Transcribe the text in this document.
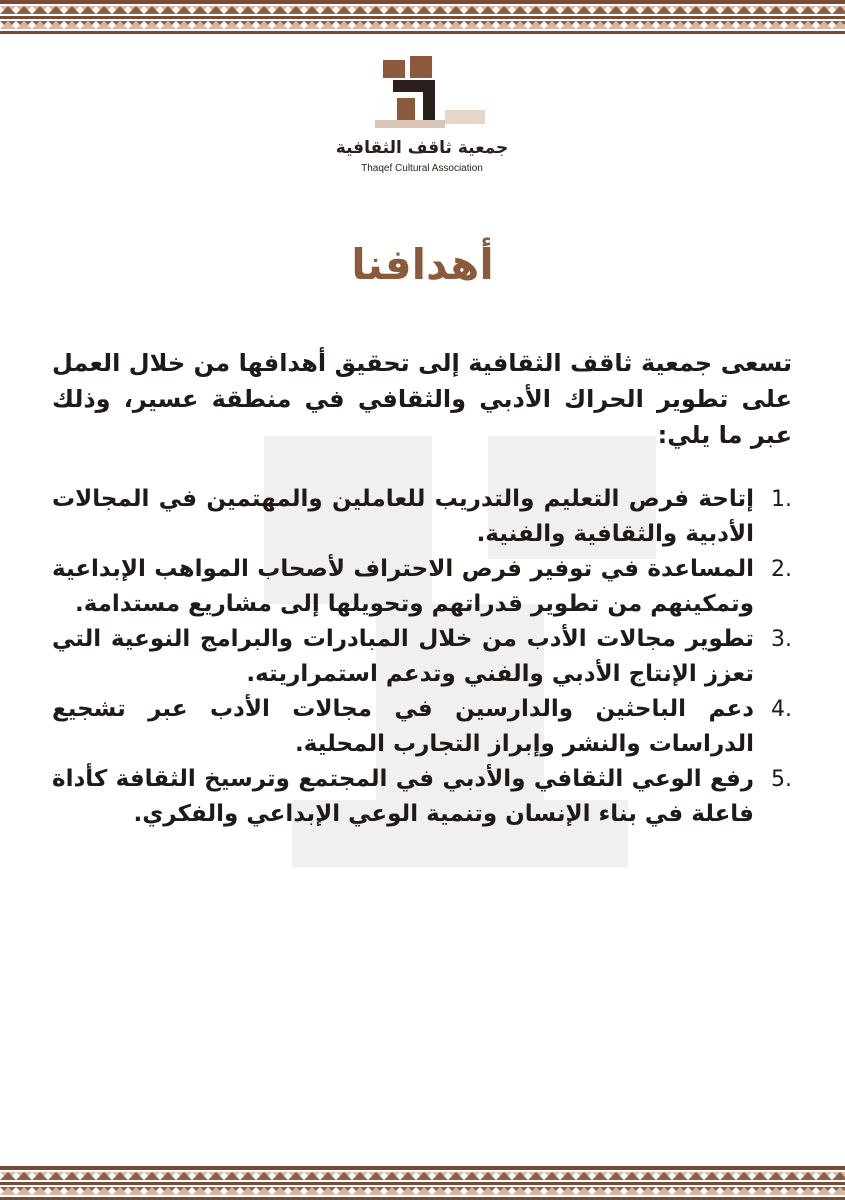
جمعية ثاقف الثقافية
Thaqef Cultural Association
أهدافنا
تسعى جمعية ثاقف الثقافية إلى تحقيق أهدافها من خلال العمل على تطوير الحراك الأدبي والثقافي في منطقة عسير، وذلك عبر ما يلي:
1.
إتاحة فرص التعليم والتدريب للعاملين والمهتمين في المجالات الأدبية والثقافية والفنية.
2.
المساعدة في توفير فرص الاحتراف لأصحاب المواهب الإبداعية وتمكينهم من تطوير قدراتهم وتحويلها إلى مشاريع مستدامة.
3.
تطوير مجالات الأدب من خلال المبادرات والبرامج النوعية التي تعزز الإنتاج الأدبي والفني وتدعم استمراريته.
4.
دعم الباحثين والدارسين في مجالات الأدب عبر تشجيع الدراسات والنشر وإبراز التجارب المحلية.
5.
رفع الوعي الثقافي والأدبي في المجتمع وترسيخ الثقافة كأداة فاعلة في بناء الإنسان وتنمية الوعي الإبداعي والفكري.
